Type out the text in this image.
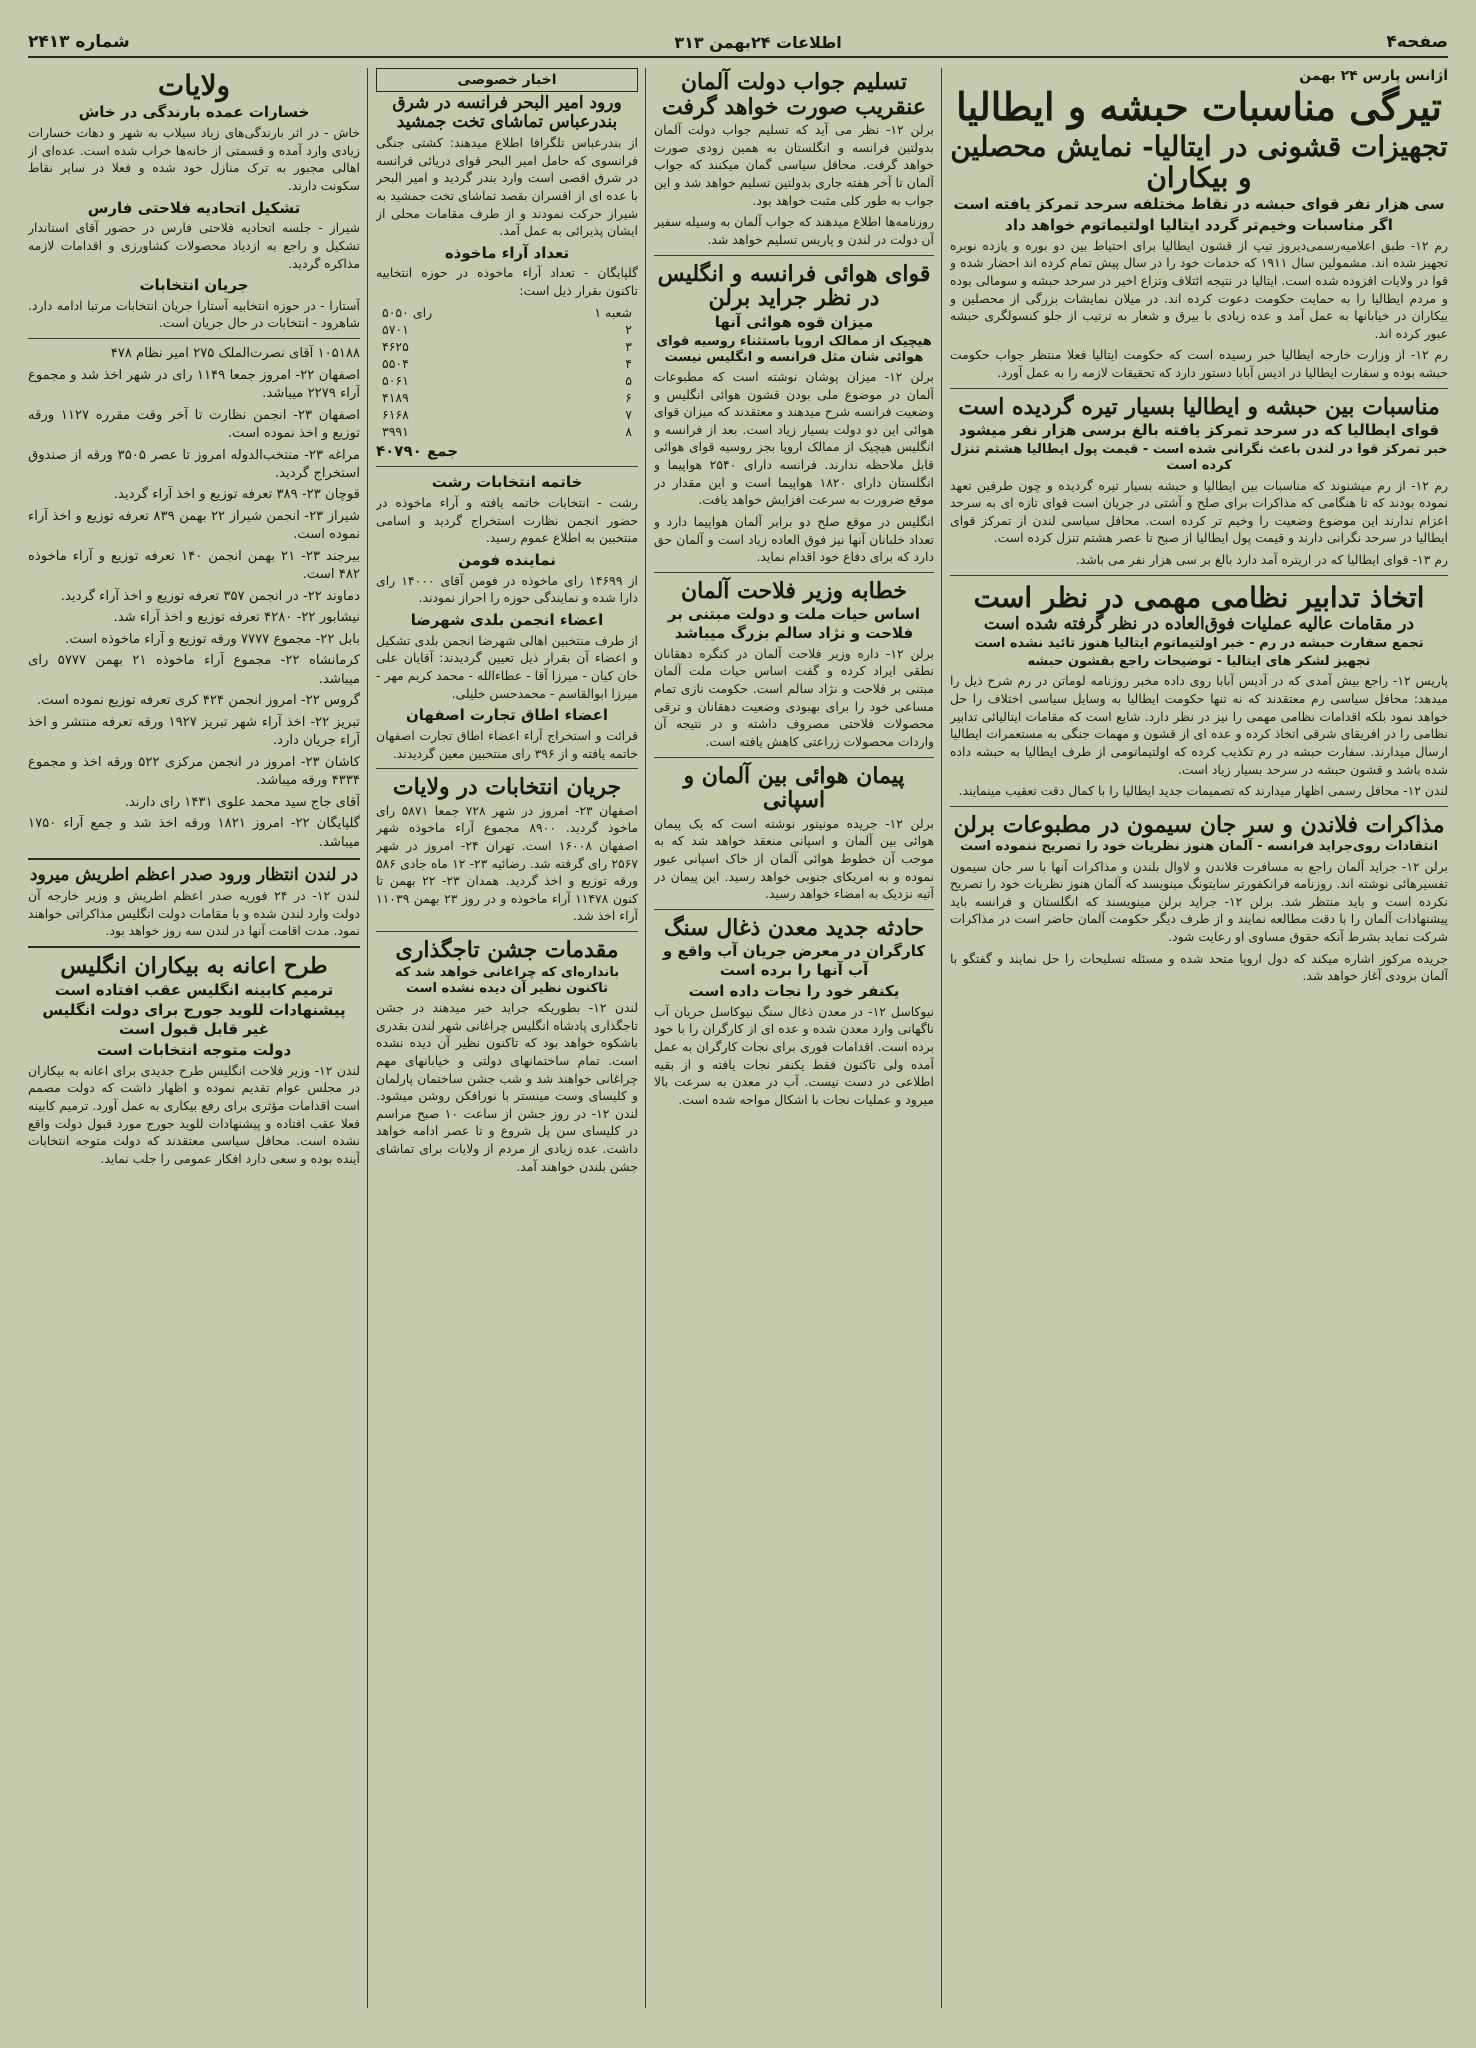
صفحه۴
اطلاعات ۲۴بهمن ۳۱۳
شماره ۲۴۱۳
آژانس پارس ۲۴ بهمن
تیرگی مناسبات حبشه و ایطالیا
تجهیزات قشونی در ایتالیا- نمایش محصلین و بیکاران
سی هزار نفر قوای حبشه در نقاط مختلفه سرحد تمرکز یافته است
اگر مناسبات وخیم‌تر گردد ایتالیا اولتیماتوم خواهد داد

رم ۱۲- طبق اعلامیه‌رسمی‌دیروز تیپ از قشون ایطالیا برای احتیاط بین دو بوره و یازده نوبره تجهیز شده اند. مشمولین سال ۱۹۱۱ که خدمات خود را در سال پیش تمام کرده اند احضار شده و قوا در ولایات افزوده شده است. ایتالیا در نتیجه ائتلاف وتزاع اخیر در سرحد حبشه و سومالی بوده و مردم ایطالیا را به حمایت حکومت دعوت کرده اند. در میلان نمایشات بزرگی از محصلین و بیکاران در خیابانها به عمل آمد و عده زیادی با بیرق و شعار به ترتیب از جلو کنسولگری حبشه عبور کرده اند.

رم ۱۲- از وزارت خارجه ایطالیا خبر رسیده است که حکومت ایتالیا فعلا منتظر جواب حکومت حبشه بوده و سفارت ایطالیا در ادیس آبابا دستور دارد که تحقیقات لازمه را به عمل آورد.

مناسبات بین حبشه و ایطالیا بسیار تیره گردیده است
قوای ایطالیا که در سرحد تمرکز یافته بالغ برسی هزار نفر میشود
خبر تمرکز قوا در لندن باعث نگرانی شده است - قیمت پول ایطالیا هشتم تنزل کرده است

رم ۱۲- از رم میشنوند که مناسبات بین ایطالیا و حبشه بسیار تیره گردیده و چون طرفین تعهد نموده بودند که تا هنگامی که مذاکرات برای صلح و آشتی در جریان است قوای تازه ای به سرحد اعزام ندارند این موضوع وضعیت را وخیم تر کرده است. محافل سیاسی لندن از تمرکز قوای ایطالیا در سرحد نگرانی دارند و قیمت پول ایطالیا از صبح تا عصر هشتم تنزل کرده است.

رم ۱۳- قوای ایطالیا که در اریتره آمد دارد بالغ بر سی هزار نفر می باشد.

اتخاذ تدابیر نظامی مهمی در نظر است
در مقامات عالیه عملیات فوق‌العاده در نظر گرفته شده است
تجمع سفارت حبشه در رم - خبر اولتیماتوم ایتالیا هنوز تائید نشده است
تجهیز لشکر های ایتالیا - توضیحات راجع بقشون حبشه

پاریس ۱۲- راجع بیش آمدی که در آدیس آبابا روی داده مخبر روزنامه لوماتن در رم شرح ذیل را میدهد: محافل سیاسی رم معتقدند که نه تنها حکومت ایطالیا به وسایل سیاسی اختلاف را حل خواهد نمود بلکه اقدامات نظامی مهمی را نیز در نظر دارد. شایع است که مقامات ایتالیائی تدابیر نظامی را در افریقای شرقی اتخاذ کرده و عده ای از قشون و مهمات جنگی به مستعمرات ایطالیا ارسال میدارند. سفارت حبشه در رم تکذیب کرده که اولتیماتومی از طرف ایطالیا به حبشه داده شده باشد و قشون حبشه در سرحد بسیار زیاد است.

لندن ۱۲- محافل رسمی اظهار میدارند که تصمیمات جدید ایطالیا را با کمال دقت تعقیب مینمایند.

مذاکرات فلاندن و سر جان سیمون در مطبوعات برلن
انتقادات روی‌جراید فرانسه - آلمان هنوز نظریات خود را تصریح ننموده است

برلن ۱۲- جراید آلمان راجع به مسافرت فلاندن و لاوال بلندن و مذاکرات آنها با سر جان سیمون تفسیرهائی نوشته اند. روزنامه فرانکفورتر سایتونگ مینویسد که آلمان هنوز نظریات خود را تصریح نکرده است و باید منتظر شد. برلن ۱۲- جراید برلن مینویسند که انگلستان و فرانسه باید پیشنهادات آلمان را با دقت مطالعه نمایند و از طرف دیگر حکومت آلمان حاضر است در مذاکرات شرکت نماید بشرط آنکه حقوق مساوی او رعایت شود.

جریده مرکوز اشاره میکند که دول اروپا متحد شده و مسئله تسلیحات را حل نمایند و گفتگو با آلمان بزودی آغاز خواهد شد.

تسلیم جواب دولت آلمان عنقریب صورت خواهد گرفت

برلن ۱۲- نظر می آید که تسلیم جواب دولت آلمان بدولتین فرانسه و انگلستان به همین زودی صورت خواهد گرفت. محافل سیاسی گمان میکنند که جواب آلمان تا آخر هفته جاری بدولتین تسلیم خواهد شد و این جواب به طور کلی مثبت خواهد بود.

روزنامه‌ها اطلاع میدهند که جواب آلمان به وسیله سفیر آن دولت در لندن و پاریس تسلیم خواهد شد.

قوای هوائی فرانسه و انگلیس در نظر جراید برلن
میزان قوه هوائی آنها
هیچیک از ممالک اروپا باستثناء روسیه قوای هوائی شان مثل فرانسه و انگلیس نیست

برلن ۱۲- میزان پوشان نوشته است که مطبوعات آلمان در موضوع ملی بودن قشون هوائی انگلیس و وضعیت فرانسه شرح میدهند و معتقدند که میزان قوای هوائی این دو دولت بسیار زیاد است. بعد از فرانسه و انگلیس هیچیک از ممالک اروپا بجز روسیه قوای هوائی قابل ملاحظه ندارند. فرانسه دارای ۲۵۴۰ هواپیما و انگلستان دارای ۱۸۲۰ هواپیما است و این مقدار در موقع ضرورت به سرعت افزایش خواهد یافت.

انگلیس در موقع صلح دو برابر آلمان هواپیما دارد و تعداد خلبانان آنها نیز فوق العاده زیاد است و آلمان حق دارد که برای دفاع خود اقدام نماید.

خطابه وزیر فلاحت آلمان
اساس حیات ملت و دولت مبتنی بر فلاحت و نژاد سالم بزرگ میباشد

برلن ۱۲- داره وزیر فلاحت آلمان در کنگره دهقانان نطقی ایراد کرده و گفت اساس حیات ملت آلمان مبتنی بر فلاحت و نژاد سالم است. حکومت نازی تمام مساعی خود را برای بهبودی وضعیت دهقانان و ترقی محصولات فلاحتی مصروف داشته و در نتیجه آن واردات محصولات زراعتی کاهش یافته است.

پیمان هوائی بین آلمان و اسپانی

برلن ۱۲- جریده مونیتور نوشته است که یک پیمان هوائی بین آلمان و اسپانی منعقد خواهد شد که به موجب آن خطوط هوائی آلمان از خاک اسپانی عبور نموده و به امریکای جنوبی خواهد رسید. این پیمان در آتیه نزدیک به امضاء خواهد رسید.

حادثه جدید معدن ذغال سنگ
کارگران در معرض جریان آب واقع و آب آنها را برده است
یکنفر خود را نجات داده است

نیوکاسل ۱۲- در معدن ذغال سنگ نیوکاسل جریان آب ناگهانی وارد معدن شده و عده ای از کارگران را با خود برده است. اقدامات فوری برای نجات کارگران به عمل آمده ولی تاکنون فقط یکنفر نجات یافته و از بقیه اطلاعی در دست نیست. آب در معدن به سرعت بالا میرود و عملیات نجات با اشکال مواجه شده است.

اخبار خصوصی
ورود امیر البحر فرانسه در شرق بندرعباس تماشای تخت جمشید

از بندرعباس تلگرافا اطلاع میدهند: کشتی جنگی فرانسوی که حامل امیر البحر قوای دریائی فرانسه در شرق اقصی است وارد بندر گردید و امیر البحر با عده ای از افسران بقصد تماشای تخت جمشید به شیراز حرکت نمودند و از طرف مقامات محلی از ایشان پذیرائی به عمل آمد.

تعداد آراء ماخوذه

گلپایگان - تعداد آراء ماخوذه در حوزه انتخابیه تاکنون بقرار ذیل است:

شعبه ۱	۵۰۵۰ رای
۲	۵۷۰۱
۳	۴۶۲۵
۴	۵۵۰۴
۵	۵۰۶۱
۶	۴۱۸۹
۷	۶۱۶۸
۸	۳۹۹۱
جمع ۴۰۷۹۰
خاتمه انتخابات رشت

رشت - انتخابات خاتمه یافته و آراء ماخوذه در حضور انجمن نظارت استخراج گردید و اسامی منتخبین به اطلاع عموم رسید.

نماینده فومن

از ۱۴۶۹۹ رای ماخوذه در فومن آقای ۱۴۰۰۰ رای دارا شده و نمایندگی حوزه را احراز نمودند.

اعضاء انجمن بلدی شهرضا

از طرف منتخبین اهالی شهرضا انجمن بلدی تشکیل و اعضاء آن بقرار ذیل تعیین گردیدند: آقایان علی خان کیان - میرزا آقا - عطاءالله - محمد کریم مهر - میرزا ابوالقاسم - محمدحسن خلیلی.

اعضاء اطاق تجارت اصفهان

قرائت و استخراج آراء اعضاء اطاق تجارت اصفهان خاتمه یافته و از ۳۹۶ رای منتخبین معین گردیدند.

جریان انتخابات در ولایات

اصفهان ۲۳- امروز در شهر ۷۲۸ جمعا ۵۸۷۱ رای ماخوذ گردید. ۸۹۰۰ مجموع آراء ماخوذه شهر اصفهان ۱۶۰۰۸ است. تهران ۲۴- امروز در شهر ۲۵۶۷ رای گرفته شد. رضائیه ۲۳- ۱۲ ماه جادی ۵۸۶ ورقه توزیع و اخذ گردید. همدان ۲۳- ۲۲ بهمن تا کنون ۱۱۴۷۸ آراء ماخوذه و در روز ۲۳ بهمن ۱۱۰۳۹ آراء اخذ شد.

مقدمات جشن تاجگذاری
بانداره‌ای که چراغانی خواهد شد که تاکنون نظیر آن دیده نشده است

لندن ۱۲- بطوریکه جراید خبر میدهند در جشن تاجگذاری پادشاه انگلیس چراغانی شهر لندن بقدری باشکوه خواهد بود که تاکنون نظیر آن دیده نشده است. تمام ساختمانهای دولتی و خیابانهای مهم چراغانی خواهند شد و شب جشن ساختمان پارلمان و کلیسای وست مینستر با نورافکن روشن میشود. لندن ۱۲- در روز جشن از ساعت ۱۰ صبح مراسم در کلیسای سن پل شروع و تا عصر ادامه خواهد داشت. عده زیادی از مردم از ولایات برای تماشای جشن بلندن خواهند آمد.

ولایات
خسارات عمده بارندگی در خاش

خاش - در اثر بارندگی‌های زیاد سیلاب به شهر و دهات خسارات زیادی وارد آمده و قسمتی از خانه‌ها خراب شده است. عده‌ای از اهالی مجبور به ترک منازل خود شده و فعلا در سایر نقاط سکونت دارند.

تشکیل اتحادیه فلاحتی فارس

شیراز - جلسه اتحادیه فلاحتی فارس در حضور آقای استاندار تشکیل و راجع به ازدیاد محصولات کشاورزی و اقدامات لازمه مذاکره گردید.

جریان انتخابات

آستارا - در حوزه انتخابیه آستارا جریان انتخابات مرتبا ادامه دارد. شاهرود - انتخابات در حال جریان است.

۱۰۵۱۸۸ آقای نصرت‌الملک ۲۷۵ امیر نظام ۴۷۸

اصفهان ۲۲- امروز جمعا ۱۱۴۹ رای در شهر اخذ شد و مجموع آراء ۲۲۷۹ میباشد.

اصفهان ۲۳- انجمن نظارت تا آخر وقت مقرره ۱۱۲۷ ورقه توزیع و اخذ نموده است.

مراغه ۲۳- منتخب‌الدوله امروز تا عصر ۳۵۰۵ ورقه از صندوق استخراج گردید.

قوچان ۲۳- ۳۸۹ تعرفه توزیع و اخذ آراء گردید.

شیراز ۲۳- انجمن شیراز ۲۲ بهمن ۸۳۹ تعرفه توزیع و اخذ آراء نموده است.

بیرجند ۲۳- ۲۱ بهمن انجمن ۱۴۰ تعرفه توزیع و آراء ماخوذه ۴۸۲ است.

دماوند ۲۲- در انجمن ۳۵۷ تعرفه توزیع و اخذ آراء گردید.

نیشابور ۲۲- ۴۲۸۰ تعرفه توزیع و اخذ آراء شد.

بابل ۲۲- مجموع ۷۷۷۷ ورقه توزیع و آراء ماخوذه است.

کرمانشاه ۲۲- مجموع آراء ماخوذه ۲۱ بهمن ۵۷۷۷ رای میباشد.

گروس ۲۲- امروز انجمن ۴۲۴ کری تعرفه توزیع نموده است.

تبریز ۲۲- اخذ آراء شهر تبریز ۱۹۲۷ ورقه تعرفه منتشر و اخذ آراء جریان دارد.

کاشان ۲۳- امروز در انجمن مرکزی ۵۲۲ ورقه اخذ و مجموع ۴۳۳۴ ورقه میباشد.

آقای جاج سید محمد علوی ۱۴۳۱ رای دارند.

گلپایگان ۲۲- امروز ۱۸۲۱ ورقه اخذ شد و جمع آراء ۱۷۵۰ میباشد.

در لندن انتظار ورود صدر اعظم اطریش میرود

لندن ۱۲- در ۲۴ فوریه صدر اعظم اطریش و وزیر خارجه آن دولت وارد لندن شده و با مقامات دولت انگلیس مذاکراتی خواهند نمود. مدت اقامت آنها در لندن سه روز خواهد بود.

طرح اعانه به بیکاران انگلیس
ترمیم کابینه انگلیس عقب افتاده است
پیشنهادات للوید جورج برای دولت انگلیس غیر قابل قبول است
دولت متوجه انتخابات است

لندن ۱۲- وزیر فلاحت انگلیس طرح جدیدی برای اعانه به بیکاران در مجلس عوام تقدیم نموده و اظهار داشت که دولت مصمم است اقدامات مؤثری برای رفع بیکاری به عمل آورد. ترمیم کابینه فعلا عقب افتاده و پیشنهادات للوید جورج مورد قبول دولت واقع نشده است. محافل سیاسی معتقدند که دولت متوجه انتخابات آینده بوده و سعی دارد افکار عمومی را جلب نماید.
